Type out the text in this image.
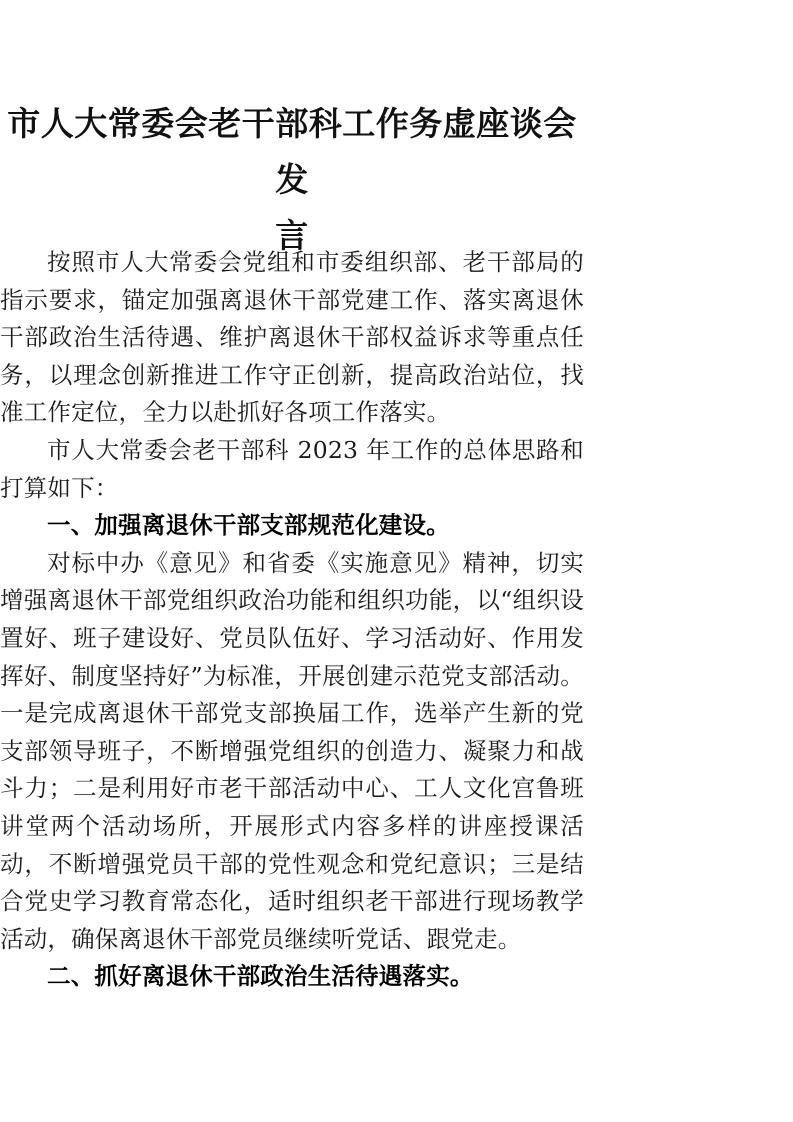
市人大常委会老干部科工作务虚座谈会发
言

按照市人大常委会党组和市委组织部、老干部局的指示要求，锚定加强离退休干部党建工作、落实离退休干部政治生活待遇、维护离退休干部权益诉求等重点任务，以理念创新推进工作守正创新，提高政治站位，找准工作定位，全力以赴抓好各项工作落实。

市人大常委会老干部科 2023 年工作的总体思路和打算如下：

一、加强离退休干部支部规范化建设。

对标中办《意见》和省委《实施意见》精神，切实增强离退休干部党组织政治功能和组织功能，以“组织设置好、班子建设好、党员队伍好、学习活动好、作用发挥好、制度坚持好”为标准，开展创建示范党支部活动。一是完成离退休干部党支部换届工作，选举产生新的党支部领导班子，不断增强党组织的创造力、凝聚力和战斗力；二是利用好市老干部活动中心、工人文化宫鲁班讲堂两个活动场所，开展形式内容多样的讲座授课活动，不断增强党员干部的党性观念和党纪意识；三是结合党史学习教育常态化，适时组织老干部进行现场教学活动，确保离退休干部党员继续听党话、跟党走。

二、抓好离退休干部政治生活待遇落实。
